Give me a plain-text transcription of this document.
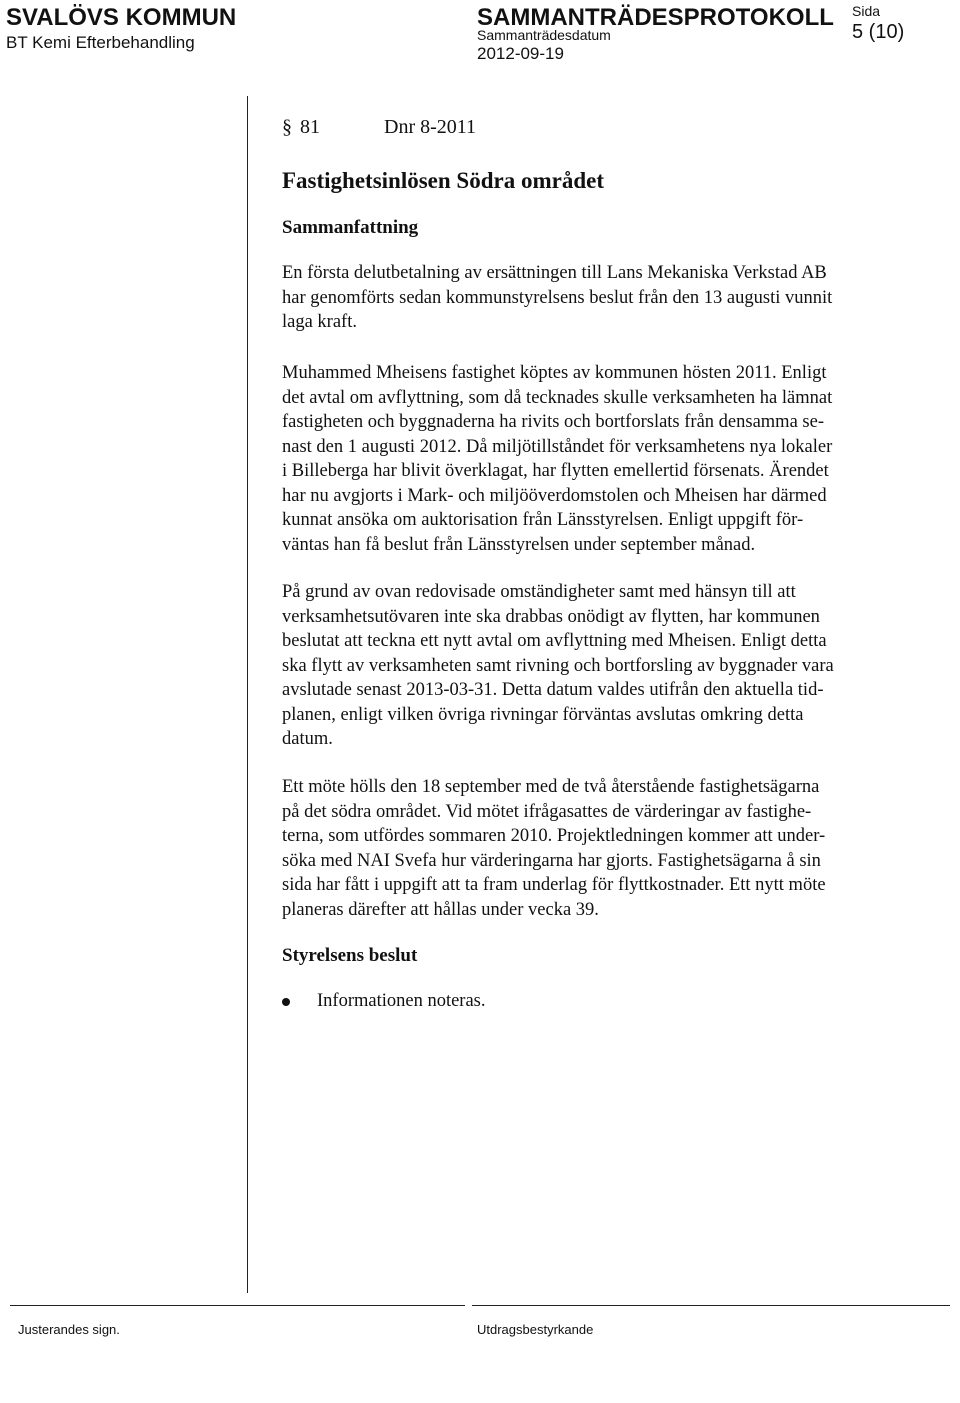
SVALÖVS KOMMUN
BT Kemi Efterbehandling
SAMMANTRÄDESPROTOKOLL
Sammanträdesdatum
2012-09-19
Sida
5 (10)
§ 81	Dnr 8-2011
Fastighetsinlösen Södra området
Sammanfattning

En första delutbetalning av ersättningen till Lans Mekaniska Verkstad AB
har genomförts sedan kommunstyrelsens beslut från den 13 augusti vunnit
laga kraft.

Muhammed Mheisens fastighet köptes av kommunen hösten 2011. Enligt
det avtal om avflyttning, som då tecknades skulle verksamheten ha lämnat
fastigheten och byggnaderna ha rivits och bortforslats från densamma se-
nast den 1 augusti 2012. Då miljötillståndet för verksamhetens nya lokaler
i Billeberga har blivit överklagat, har flytten emellertid försenats. Ärendet
har nu avgjorts i Mark- och miljööverdomstolen och Mheisen har därmed
kunnat ansöka om auktorisation från Länsstyrelsen. Enligt uppgift för-
väntas han få beslut från Länsstyrelsen under september månad.

På grund av ovan redovisade omständigheter samt med hänsyn till att
verksamhetsutövaren inte ska drabbas onödigt av flytten, har kommunen
beslutat att teckna ett nytt avtal om avflyttning med Mheisen. Enligt detta
ska flytt av verksamheten samt rivning och bortforsling av byggnader vara
avslutade senast 2013-03-31. Detta datum valdes utifrån den aktuella tid-
planen, enligt vilken övriga rivningar förväntas avslutas omkring detta
datum.

Ett möte hölls den 18 september med de två återstående fastighetsägarna
på det södra området. Vid mötet ifrågasattes de värderingar av fastighe-
terna, som utfördes sommaren 2010. Projektledningen kommer att under-
söka med NAI Svefa hur värderingarna har gjorts. Fastighetsägarna å sin
sida har fått i uppgift att ta fram underlag för flyttkostnader. Ett nytt möte
planeras därefter att hållas under vecka 39.

Styrelsens beslut
Informationen noteras.
Justerandes sign.	Utdragsbestyrkande
